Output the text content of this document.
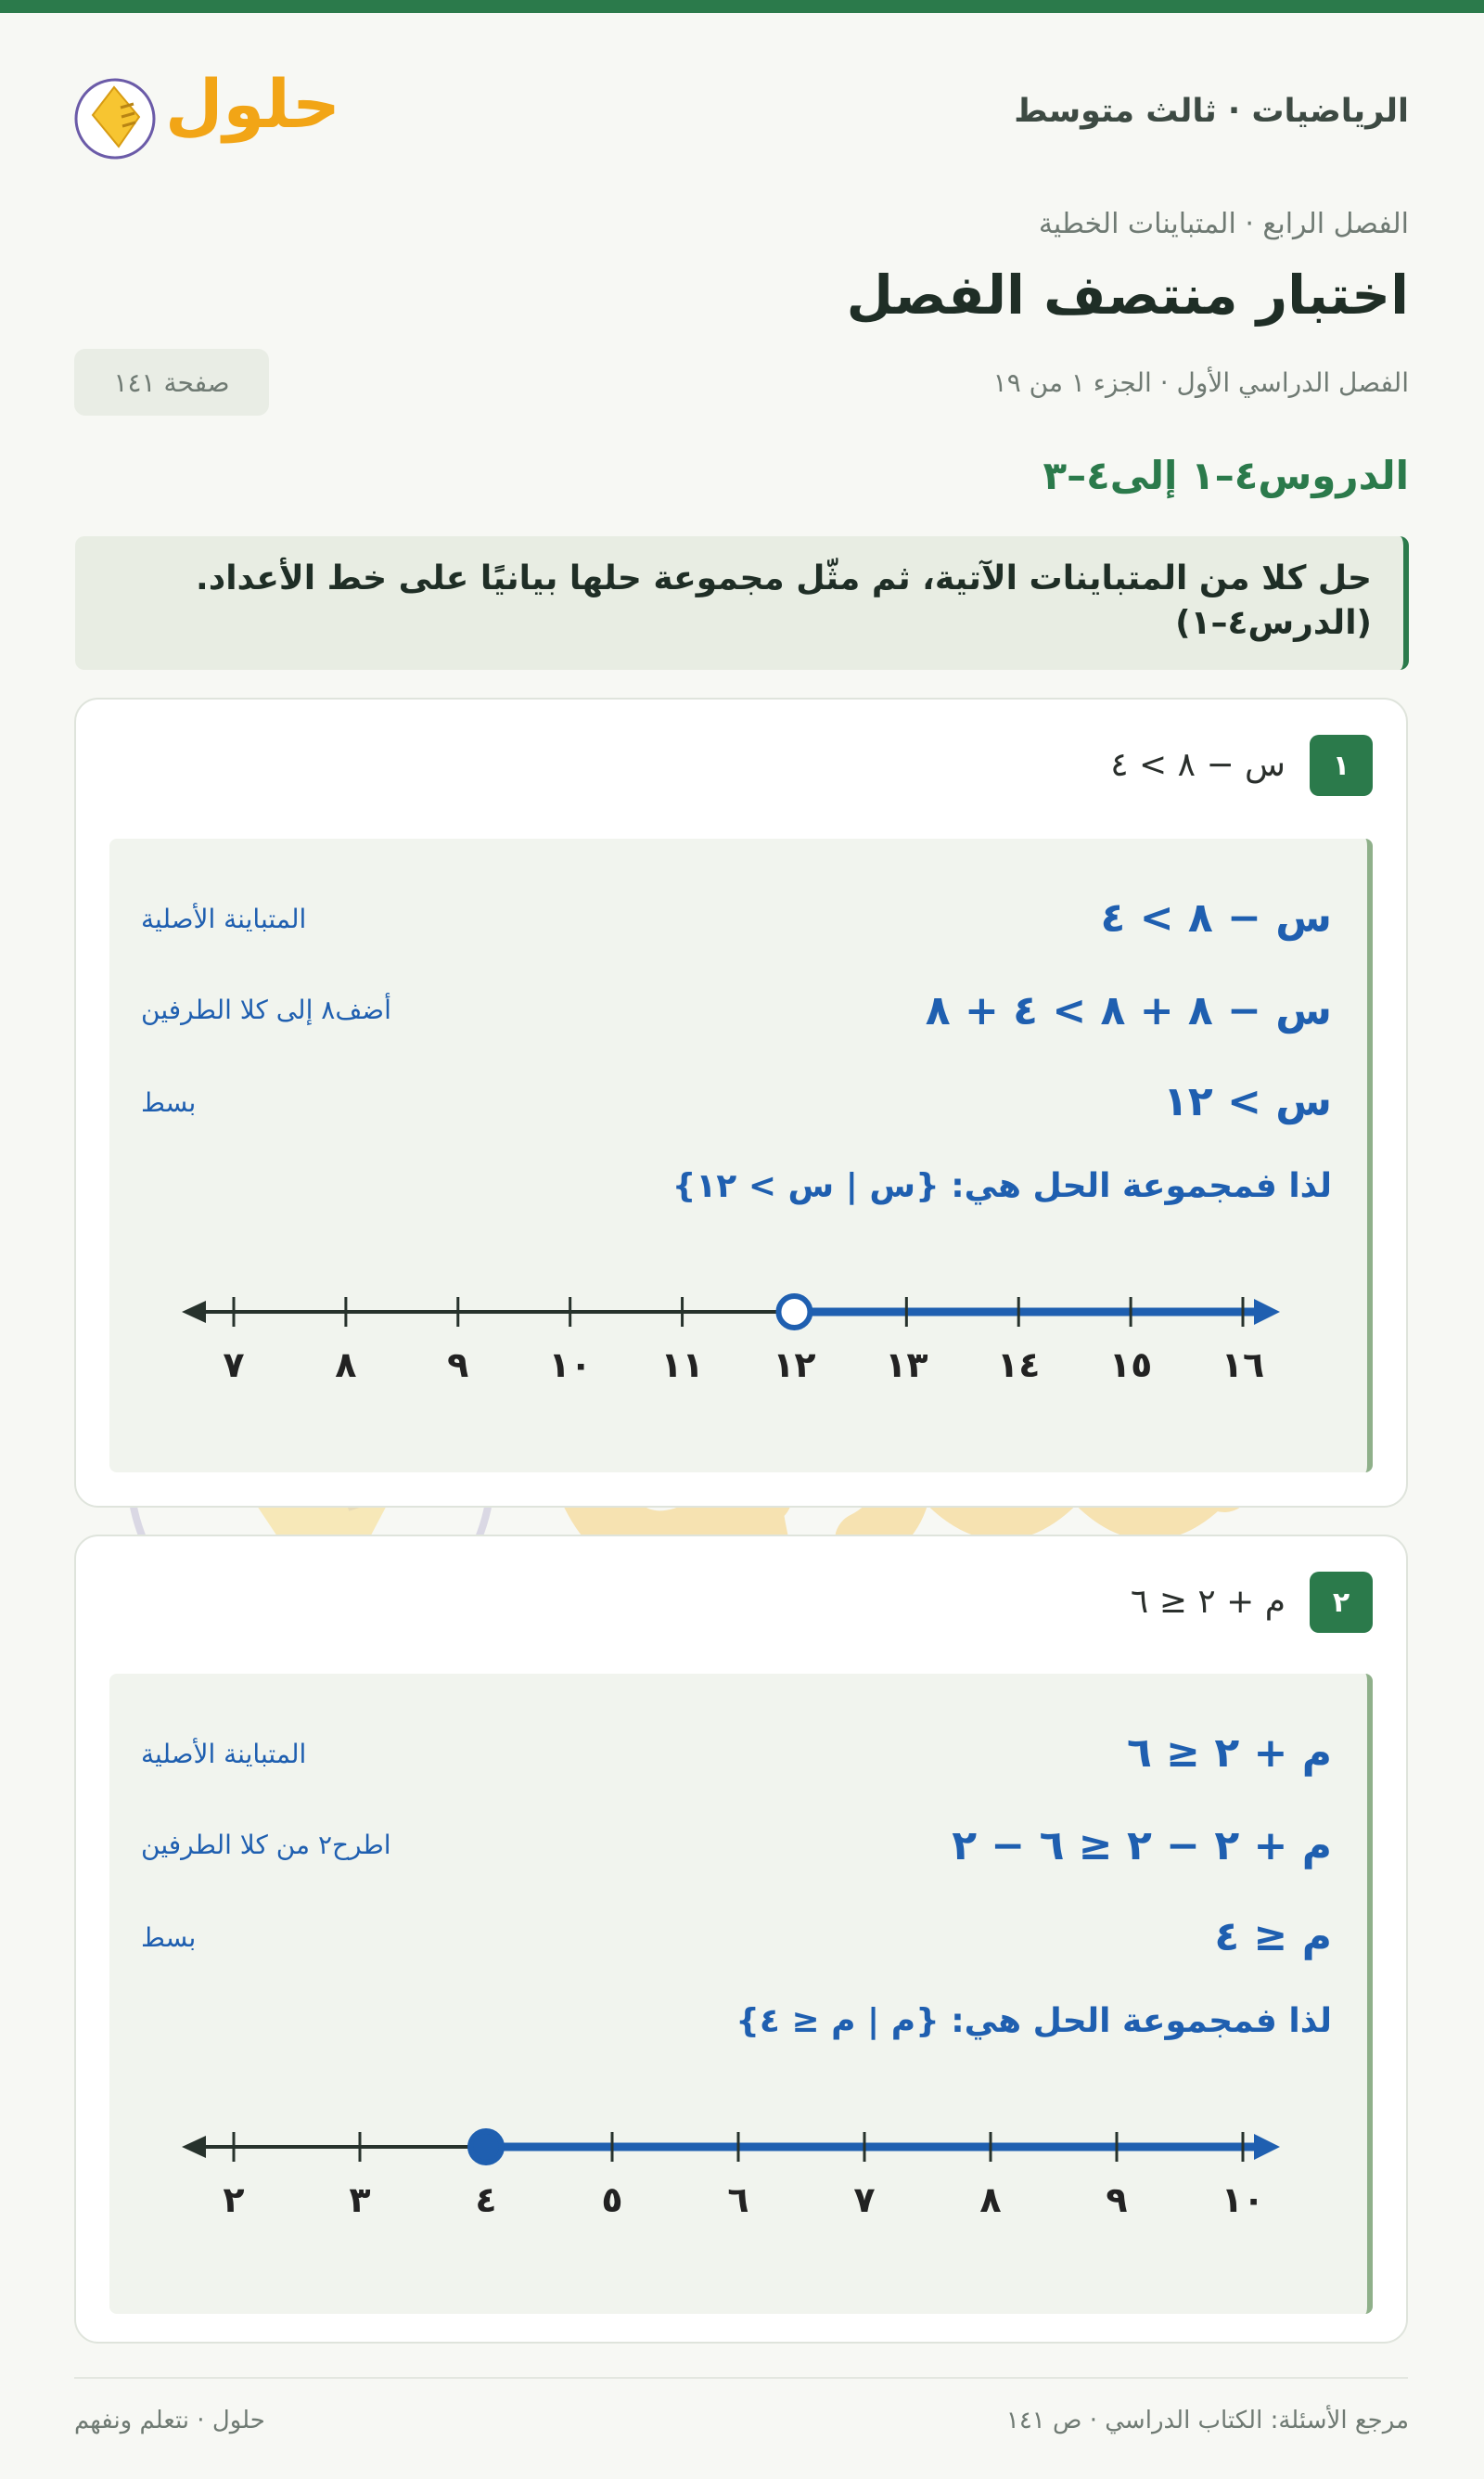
الرياضيات · ثالث متوسط
حلول
الفصل الرابع · المتباينات الخطية
اختبار منتصف الفصل
الفصل الدراسي الأول · الجزء ١ من ١٩
صفحة ١٤١
الدروس٤–١ إلى٤–٣
حل كلا من المتباينات الآتية، ثم مثّل مجموعة حلها بيانيًا على خط الأعداد. (الدرس٤–١)
١
س − ٨ > ٤
س − ٨ > ٤
المتباينة الأصلية
س − ٨ + ٨ > ٤ + ٨
أضف٨ إلى كلا الطرفين
س > ١٢
بسط
لذا فمجموعة الحل هي: {س | س > ١٢}
٧	٨	٩ ١٠ ١١ ١٢ ١٣ ١٤ ١٥ ١٦
٢
م + ٢ ≤ ٦
م + ٢ ≤ ٦
المتباينة الأصلية
م + ٢ − ٢ ≤ ٦ − ٢
اطرح٢ من كلا الطرفين
م ≤ ٤
بسط
لذا فمجموعة الحل هي: {م | م ≤ ٤}
٢	٣	٤	٥	٦	٧	٨	٩	١٠
مرجع الأسئلة: الكتاب الدراسي · ص ١٤١
حلول · نتعلم ونفهم
